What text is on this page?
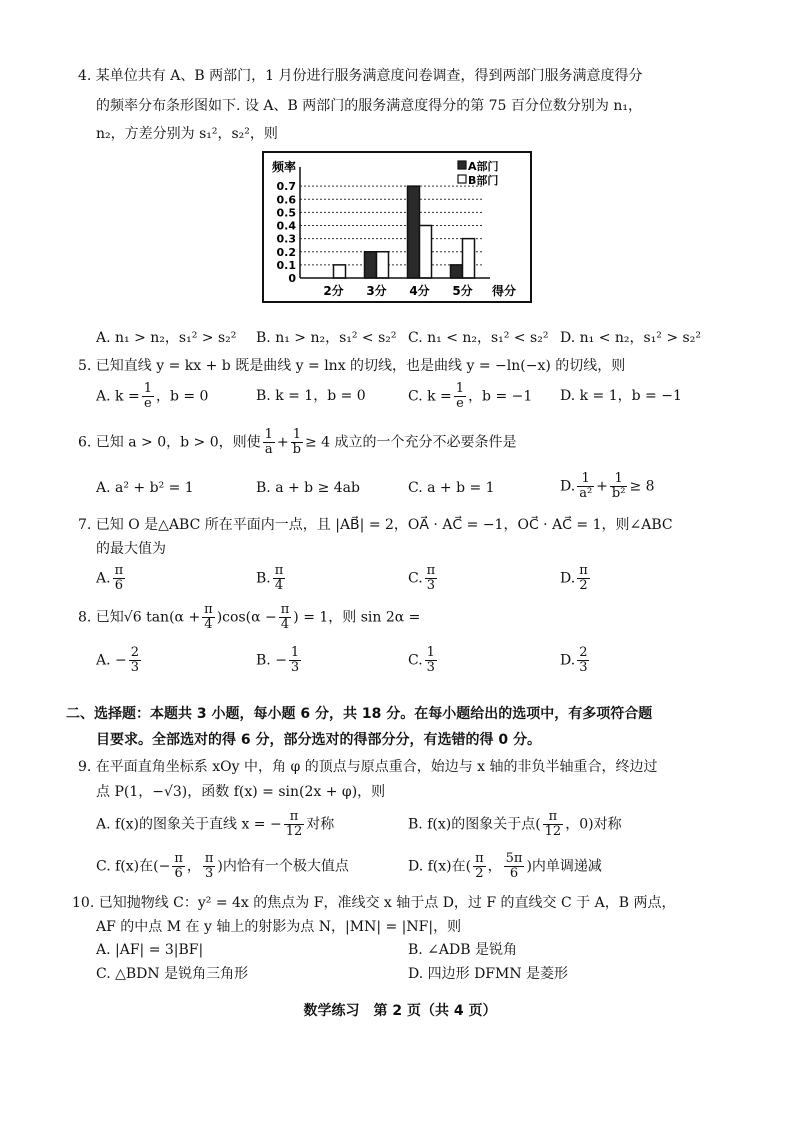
4. 某单位共有 A、B 两部门，1 月份进行服务满意度问卷调查，得到两部门服务满意度得分
的频率分布条形图如下. 设 A、B 两部门的服务满意度得分的第 75 百分位数分别为 n₁，
n₂，方差分别为 s₁²，s₂²，则
频率
0
0.1
0.2
0.3
0.4
0.5
0.6
0.7
2分 3分 4分 5分 得分
A部门
B部门
A. n₁ > n₂，s₁² > s₂² B. n₁ > n₂，s₁² < s₂² C. n₁ < n₂，s₁² < s₂² D. n₁ < n₂，s₁² > s₂²
5. 已知直线 y = kx + b 既是曲线 y = lnx 的切线，也是曲线 y = −ln(−x) 的切线，则
A. $k = \frac{1}{e}$ ，b = 0	B. k = 1，b = 0	C. $k = \frac{1}{e}$ ，b = −1 D. k = 1，b = −1
6. 已知 a > 0，b > 0，则使 $\frac{1}{a} + \frac{1}{b} \ge 4$ 成立的一个充分不必要条件是
A. a² + b² = 1	B. a + b ≥ 4ab	C. a + b = 1	D. $\frac{1}{\text{a²}} + \frac{1}{\text{b²}} \ge 8$
7. 已知 O 是△ABC 所在平面内一点，且 |AB⃗| = 2，OA⃗ · AC⃗ = −1，OC⃗ · AC⃗ = 1，则∠ABC
的最大值为
A. $\frac{\pi}{6}$	B. $\frac{\pi}{4}$	C. $\frac{\pi}{3}$	D. $\frac{\pi}{2}$
8. 已知√6 $\tan(\alpha + \frac{\pi}{4} )\cos(\alpha - \frac{\pi}{4}$ ) = 1，则 sin 2α =
A. − $\frac{2}{3}$	B. − $\frac{1}{3}$	C. $\frac{1}{3}$	D. $\frac{2}{3}$
二、选择题：本题共 3 小题，每小题 6 分，共 18 分。在每小题给出的选项中，有多项符合题
目要求。全部选对的得 6 分，部分选对的得部分分，有选错的得 0 分。
9. 在平面直角坐标系 xOy 中，角 φ 的顶点与原点重合，始边与 x 轴的非负半轴重合，终边过
点 P(1，−√3)，函数 f(x) = sin(2x + φ)，则
A. f(x)的图象关于直线 x = − $\frac{\pi}{12}$ 对称	B. f(x)的图象关于点( $\frac{\pi}{12}$ ，0)对称
C. f(x)在(− $\frac{\pi}{6}$ ， $\frac{\pi}{3}$ )内恰有一个极大值点	D. f(x)在( $\frac{\pi}{2}$ ， $\frac{5\pi}{6}$ )内单调递减
10. 已知抛物线 C：y² = 4x 的焦点为 F，准线交 x 轴于点 D，过 F 的直线交 C 于 A，B 两点，
AF 的中点 M 在 y 轴上的射影为点 N，|MN| = |NF|，则
A. |AF| = 3|BF|	B. ∠ADB 是锐角
C. △BDN 是锐角三角形	D. 四边形 DFMN 是菱形
数学练习　第 2 页（共 4 页）
